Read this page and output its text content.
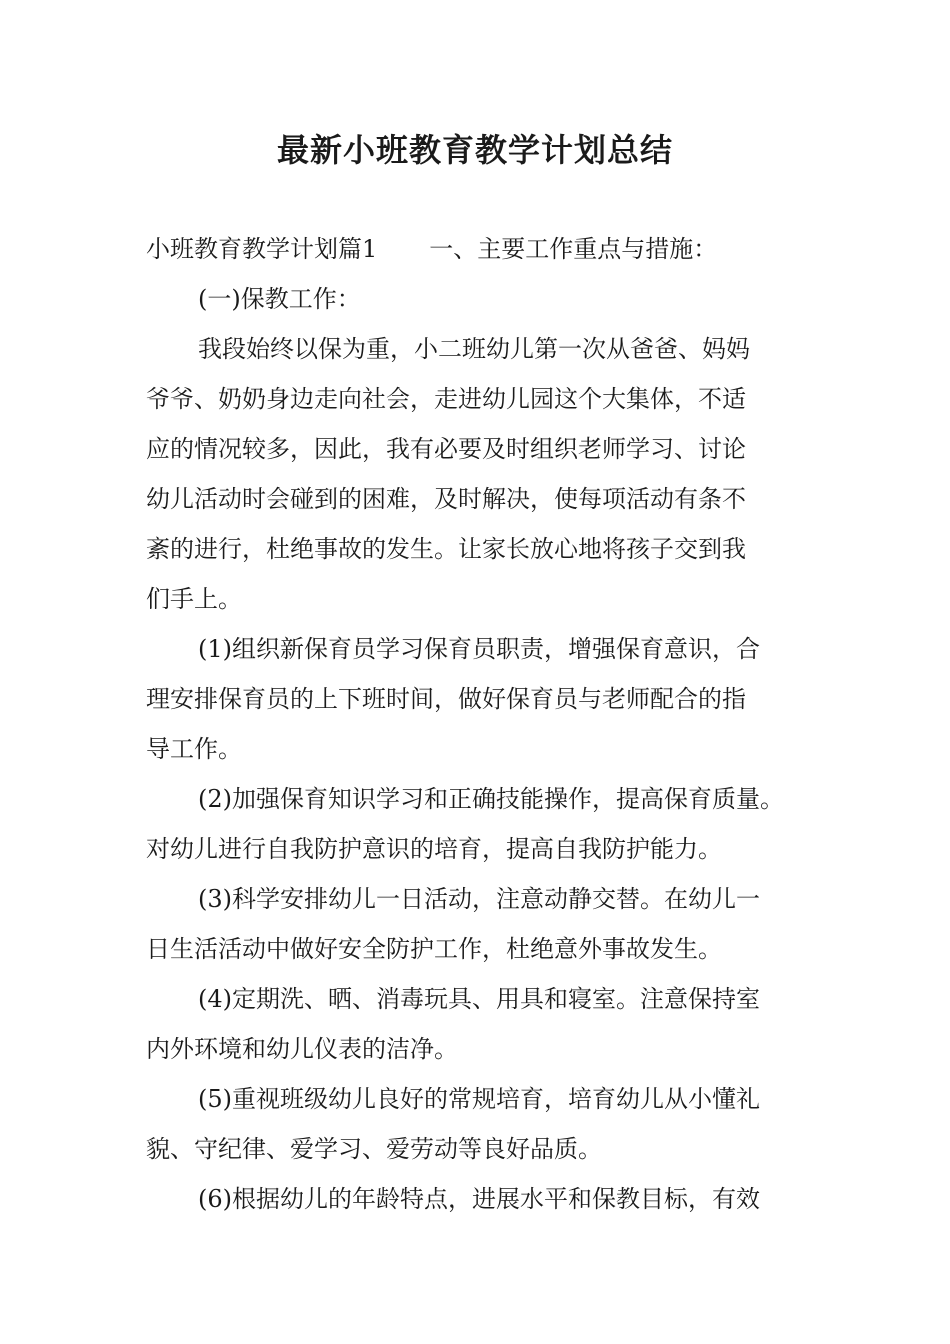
最新小班教育教学计划总结
小班教育教学计划篇1 一、主要工作重点与措施：
(一)保教工作：
我段始终以保为重，小二班幼儿第一次从爸爸、妈妈
爷爷、奶奶身边走向社会，走进幼儿园这个大集体，不适
应的情况较多，因此，我有必要及时组织老师学习、讨论
幼儿活动时会碰到的困难，及时解决，使每项活动有条不
紊的进行，杜绝事故的发生。让家长放心地将孩子交到我
们手上。
(1)组织新保育员学习保育员职责，增强保育意识，合
理安排保育员的上下班时间，做好保育员与老师配合的指
导工作。
(2)加强保育知识学习和正确技能操作，提高保育质量。
对幼儿进行自我防护意识的培育，提高自我防护能力。
(3)科学安排幼儿一日活动，注意动静交替。在幼儿一
日生活活动中做好安全防护工作，杜绝意外事故发生。
(4)定期洗、晒、消毒玩具、用具和寝室。注意保持室
内外环境和幼儿仪表的洁净。
(5)重视班级幼儿良好的常规培育，培育幼儿从小懂礼
貌、守纪律、爱学习、爱劳动等良好品质。
(6)根据幼儿的年龄特点，进展水平和保教目标，有效
